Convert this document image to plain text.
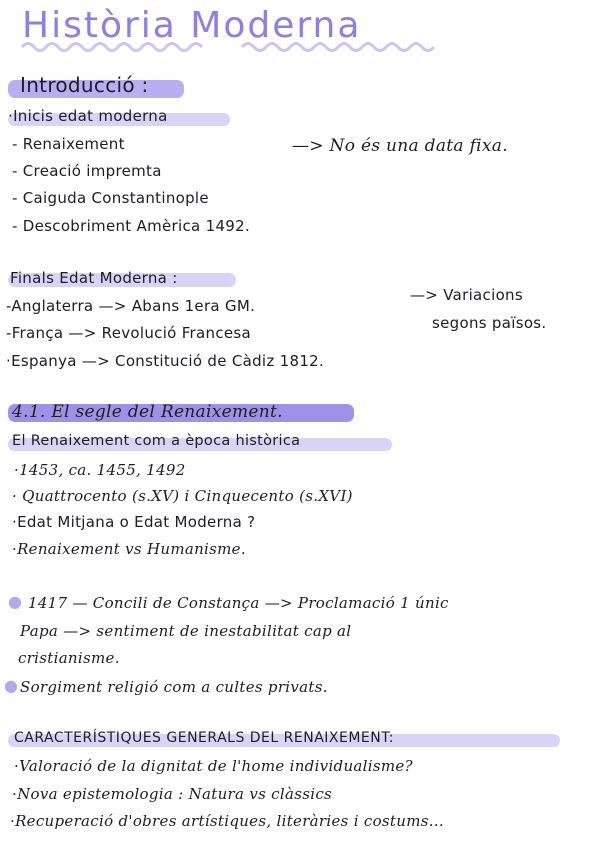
Història Moderna
Introducció :
·Inicis edat moderna
- Renaixement
- Creació impremta
- Caiguda Constantinople
- Descobriment Amèrica 1492.
—> No és una data fixa.
Finals Edat Moderna :
-Anglaterra —> Abans 1era GM.
-França —> Revolució Francesa
·Espanya —> Constitució de Càdiz 1812.
—> Variacions
segons països.
4.1. El segle del Renaixement.
El Renaixement com a època històrica
·1453, ca. 1455, 1492
· Quattrocento (s.XV) i Cinquecento (s.XVI)
·Edat Mitjana o Edat Moderna ?
·Renaixement vs Humanisme.
● 1417 — Concili de Constança —> Proclamació 1 únic
Papa —> sentiment de inestabilitat cap al
cristianisme.
● Sorgiment religió com a cultes privats.
CARACTERÍSTIQUES GENERALS DEL RENAIXEMENT:
·Valoració de la dignitat de l'home individualisme?
·Nova epistemologia : Natura vs clàssics
·Recuperació d'obres artístiques, literàries i costums...
